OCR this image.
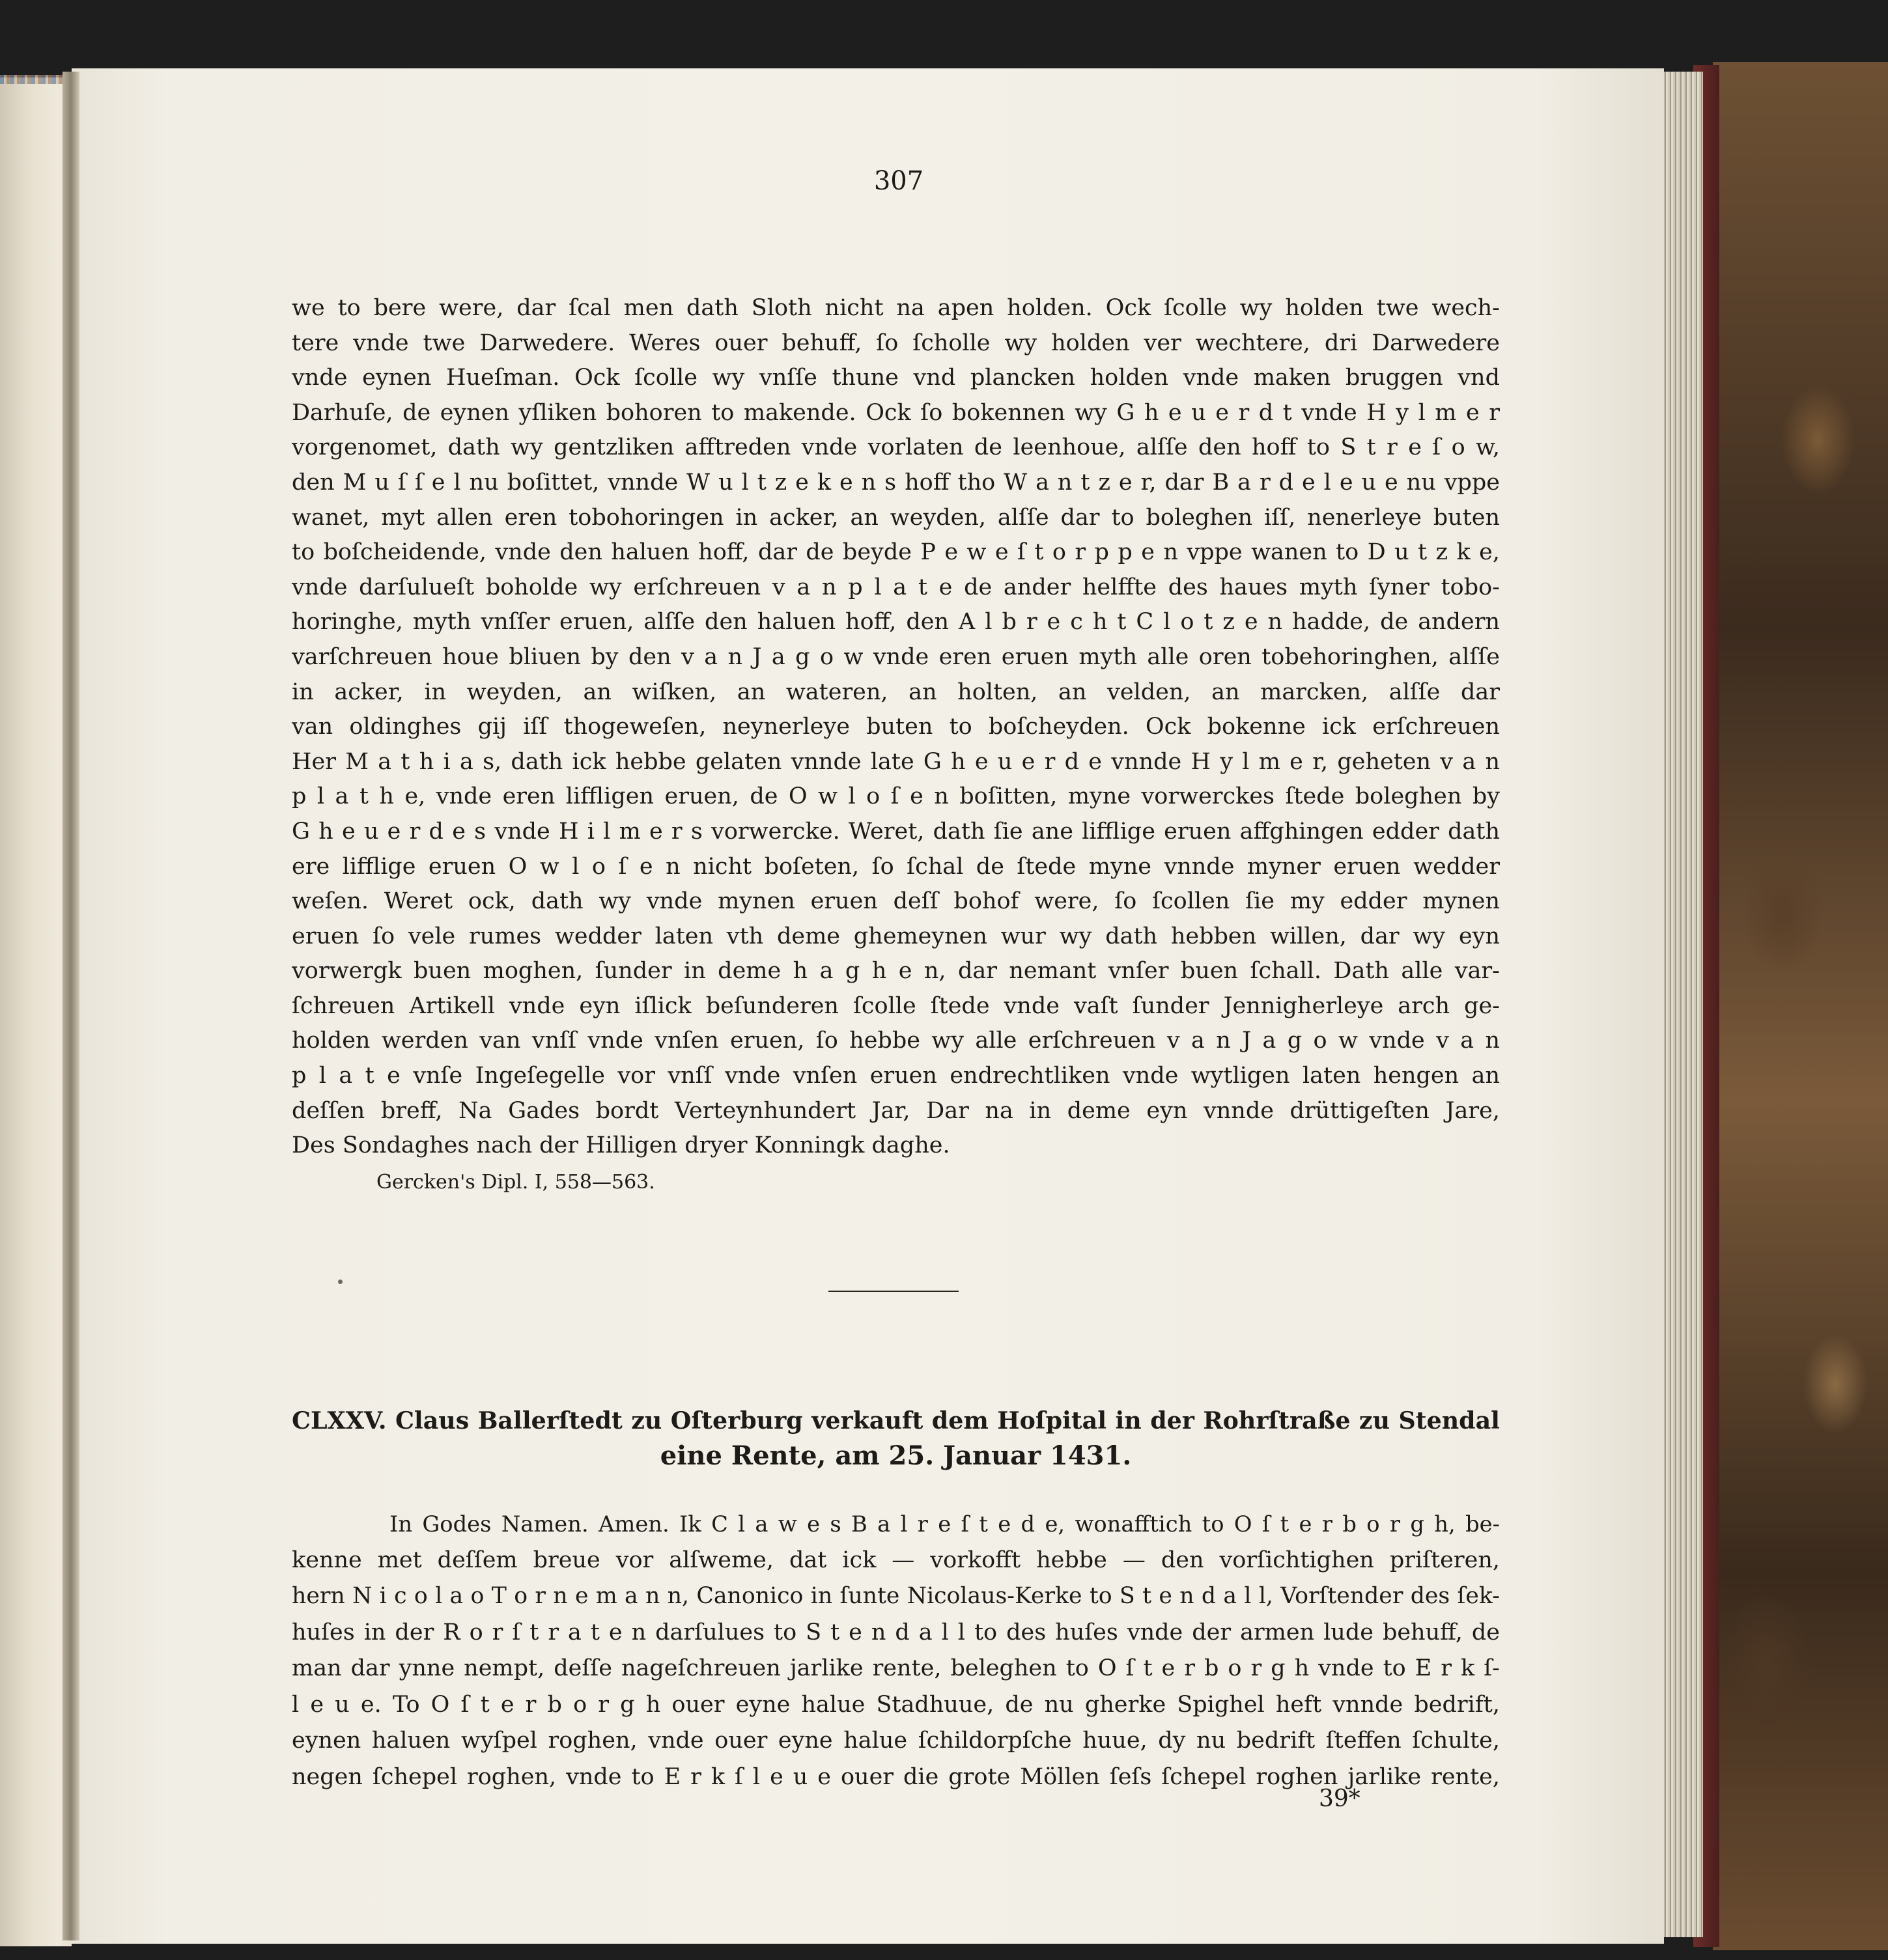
307
we to bere were, dar ſcal men dath Sloth nicht na apen holden. Ock ſcolle wy holden twe wech-
tere vnde twe Darwedere. Weres ouer behuff, ſo ſcholle wy holden ver wechtere, dri Darwedere
vnde eynen Hueſman. Ock ſcolle wy vnſſe thune vnd plancken holden vnde maken bruggen vnd
Darhuſe, de eynen yſliken bohoren to makende. Ock ſo bokennen wy G h e u e r d t vnde H y l m e r
vorgenomet, dath wy gentzliken afftreden vnde vorlaten de leenhoue, alſſe den hoff to S t r e ſ o w,
den M u ſ ſ e l nu boſittet, vnnde W u l t z e k e n s hoff tho W a n t z e r, dar B a r d e l e u e nu vppe
wanet, myt allen eren tobohoringen in acker, an weyden, alſſe dar to boleghen iſſ, nenerleye buten
to boſcheidende, vnde den haluen hoff, dar de beyde P e w e ſ t o r p p e n vppe wanen to D u t z k e,
vnde darſulueſt boholde wy erſchreuen v a n p l a t e de ander helffte des haues myth ſyner tobo-
horinghe, myth vnſſer eruen, alſſe den haluen hoff, den A l b r e c h t C l o t z e n hadde, de andern
varſchreuen houe bliuen by den v a n J a g o w vnde eren eruen myth alle oren tobehoringhen, alſſe
in acker, in weyden, an wiſken, an wateren, an holten, an velden, an marcken, alſſe dar
van oldinghes gij iſſ thogeweſen, neynerleye buten to boſcheyden. Ock bokenne ick erſchreuen
Her M a t h i a s, dath ick hebbe gelaten vnnde late G h e u e r d e vnnde H y l m e r, geheten v a n
p l a t h e, vnde eren liffligen eruen, de O w l o ſ e n boſitten, myne vorwerckes ſtede boleghen by
G h e u e r d e s vnde H i l m e r s vorwercke. Weret, dath ſie ane lifflige eruen affghingen edder dath
ere lifflige eruen O w l o ſ e n nicht boſeten, ſo ſchal de ſtede myne vnnde myner eruen wedder
weſen. Weret ock, dath wy vnde mynen eruen deſſ bohof were, ſo ſcollen ſie my edder mynen
eruen ſo vele rumes wedder laten vth deme ghemeynen wur wy dath hebben willen, dar wy eyn
vorwergk buen moghen, ſunder in deme h a g h e n, dar nemant vnſer buen ſchall. Dath alle var-
ſchreuen Artikell vnde eyn iſlick beſunderen ſcolle ſtede vnde vaſt ſunder Jennigherleye arch ge-
holden werden van vnſſ vnde vnſen eruen, ſo hebbe wy alle erſchreuen v a n J a g o w vnde v a n
p l a t e vnſe Ingeſegelle vor vnſſ vnde vnſen eruen endrechtliken vnde wytligen laten hengen an
deſſen breff, Na Gades bordt Verteynhundert Jar, Dar na in deme eyn vnnde drüttigeſten Jare,
Des Sondaghes nach der Hilligen dryer Konningk daghe.
Gercken's Dipl. I, 558—563.
CLXXV. Claus Ballerſtedt zu Oſterburg verkauft dem Hoſpital in der Rohrſtraße zu Stendal
eine Rente, am 25. Januar 1431.
In Godes Namen. Amen. Ik C l a w e s B a l r e ſ t e d e, wonafftich to O ſ t e r b o r g h, be-
kenne met deſſem breue vor alſweme, dat ick — vorkofft hebbe — den vorſichtighen priſteren,
hern N i c o l a o T o r n e m a n n, Canonico in ſunte Nicolaus-Kerke to S t e n d a l l, Vorſtender des ſek-
huſes in der R o r ſ t r a t e n darſulues to S t e n d a l l to des huſes vnde der armen lude behuff, de
man dar ynne nempt, deſſe nageſchreuen jarlike rente, beleghen to O ſ t e r b o r g h vnde to E r k ſ-
l e u e. To O ſ t e r b o r g h ouer eyne halue Stadhuue, de nu gherke Spighel heft vnnde bedrift,
eynen haluen wyſpel roghen, vnde ouer eyne halue ſchildorpſche huue, dy nu bedrift ſteffen ſchulte,
negen ſchepel roghen, vnde to E r k ſ l e u e ouer die grote Möllen ſeſs ſchepel roghen jarlike rente,
39*
